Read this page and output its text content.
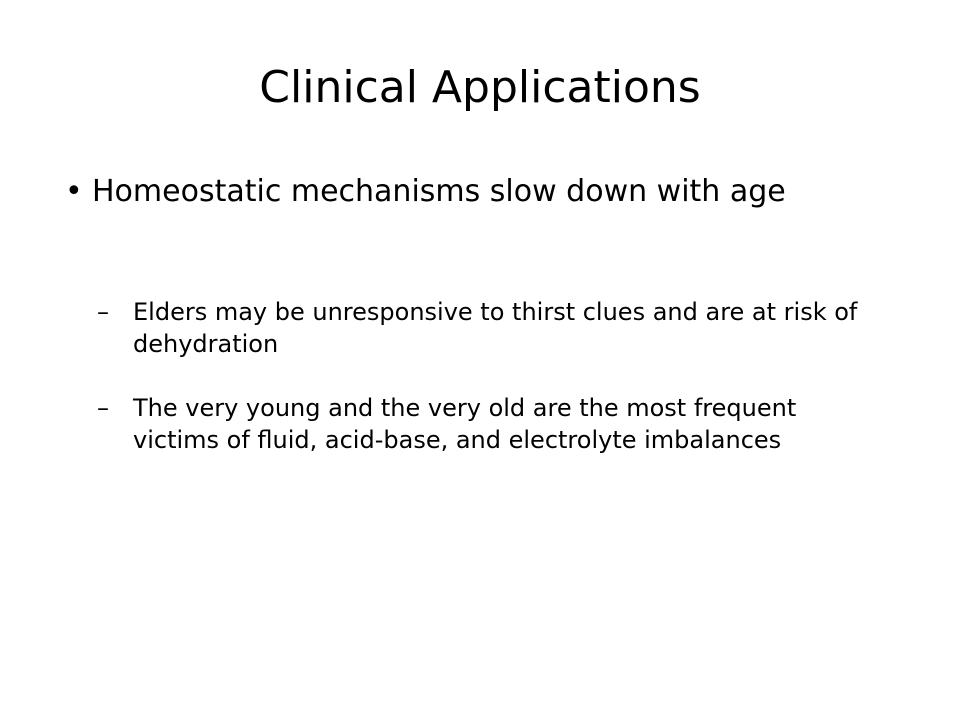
Clinical Applications
• Homeostatic mechanisms slow down with age
–	Elders may be unresponsive to thirst clues and are at risk of dehydration
–	The very young and the very old are the most frequent victims of fluid, acid-base, and electrolyte imbalances
